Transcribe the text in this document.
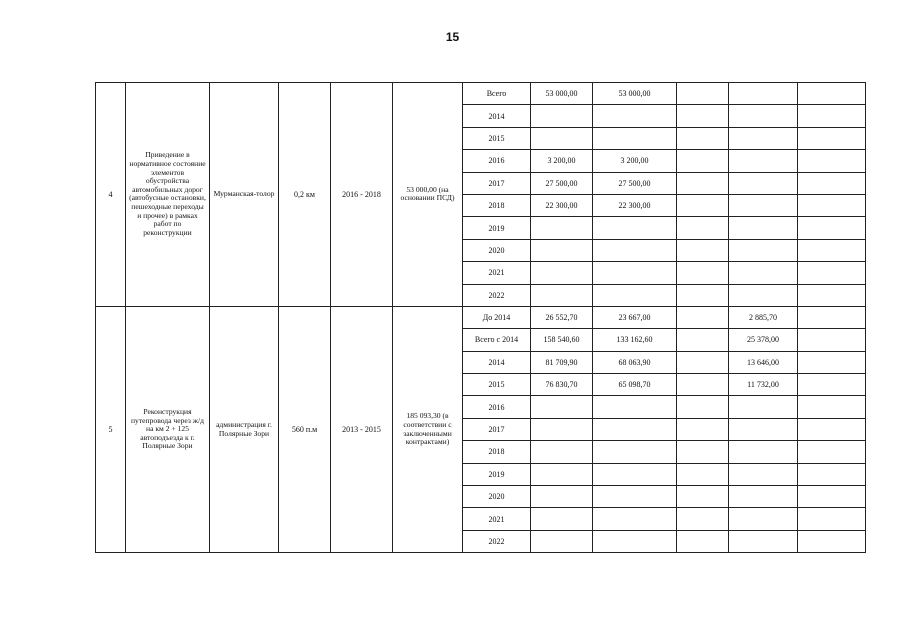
15
4	Приведение в нормативное состояние элементов обустройства автомобильных дорог (автобусные остановки, пешеходные переходы и прочее) в рамках работ по реконструкции	Мурманская-толор	0,2 км	2016 - 2018	53 000,00 (на основании ПСД)	Всего	53 000,00	53 000,00			
						2014					
						2015					
						2016	3 200,00	3 200,00			
						2017	27 500,00	27 500,00			
						2018	22 300,00	22 300,00			
						2019					
						2020					
						2021					
						2022					
5	Реконструкция путепровода через ж/д на км 2 + 125 автоподъезда к г. Полярные Зори	администрация г. Полярные Зори	560 п.м	2013 - 2015	185 093,30 (в соответствии с заключенными контрактами)	До 2014	26 552,70	23 667,00		2 885,70	
						Всего с 2014	158 540,60	133 162,60		25 378,00	
						2014	81 709,90	68 063,90		13 646,00	
						2015	76 830,70	65 098,70		11 732,00	
						2016					
						2017					
						2018					
						2019					
						2020					
						2021					
						2022					
